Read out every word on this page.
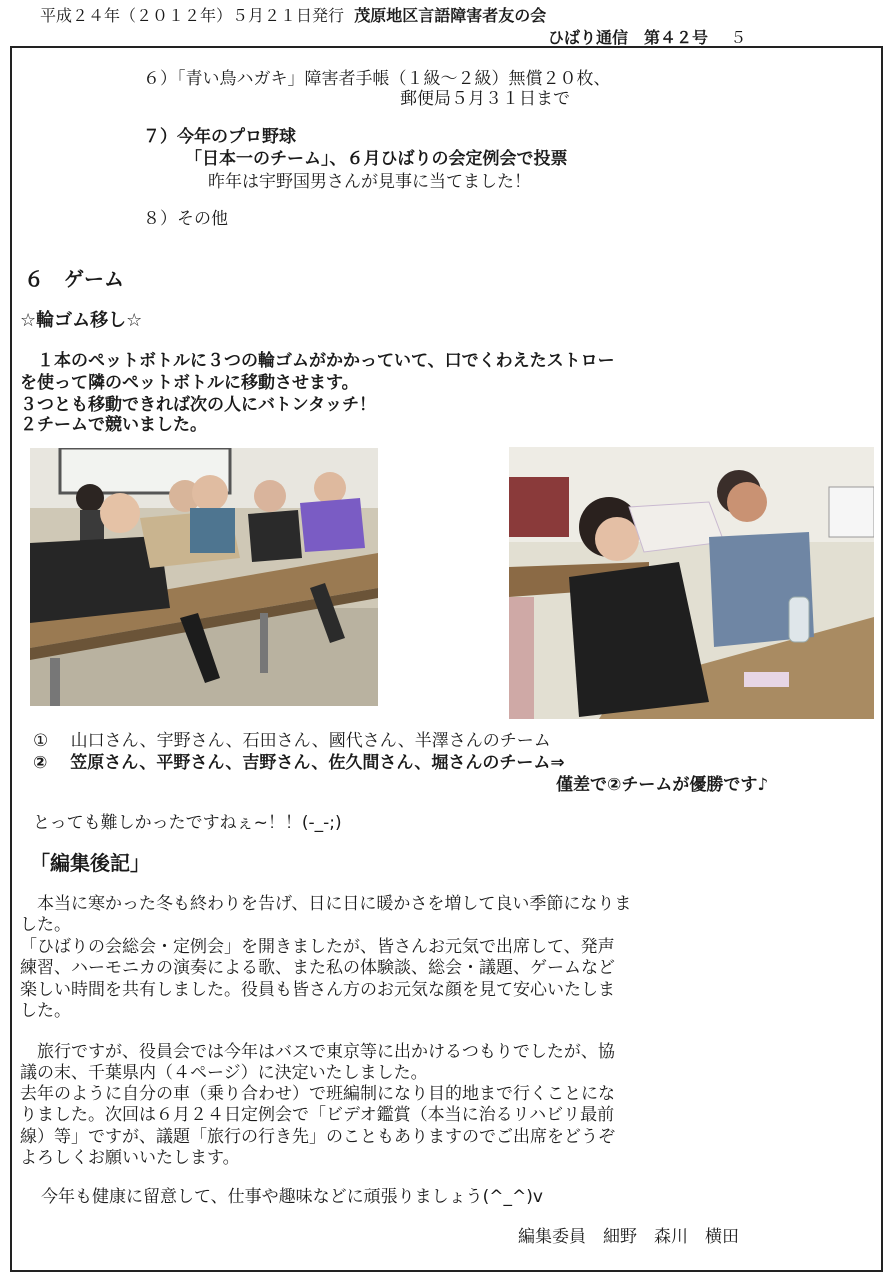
平成２４年（２０１２年）５月２１日発行 茂原地区言語障害者友の会
ひばり通信　第４２号 ５
６）「青い鳥ハガキ」障害者手帳（１級～２級）無償２０枚、
郵便局５月３１日まで
７）今年のプロ野球
「日本一のチーム」、６月ひばりの会定例会で投票
昨年は宇野国男さんが見事に当てました！
８）その他
６　ゲーム
☆輪ゴム移し☆
　１本のペットボトルに３つの輪ゴムがかかっていて、口でくわえたストロー
を使って隣のペットボトルに移動させます。
３つとも移動できれば次の人にバトンタッチ！
２チームで競いました。
①　 山口さん、宇野さん、石田さん、國代さん、半澤さんのチーム
②　 笠原さん、平野さん、吉野さん、佐久間さん、堀さんのチーム⇒
僅差で②チームが優勝です♪
とっても難しかったですねぇ~！！(-_-;)
「編集後記」
　本当に寒かった冬も終わりを告げ、日に日に暖かさを増して良い季節になりま
した。
「ひばりの会総会・定例会」を開きましたが、皆さんお元気で出席して、発声
練習、ハーモニカの演奏による歌、また私の体験談、総会・議題、ゲームなど
楽しい時間を共有しました。役員も皆さん方のお元気な顔を見て安心いたしま
した。
　旅行ですが、役員会では今年はバスで東京等に出かけるつもりでしたが、協
議の末、千葉県内（４ページ）に決定いたしました。
去年のように自分の車（乗り合わせ）で班編制になり目的地まで行くことにな
りました。次回は６月２４日定例会で「ビデオ鑑賞（本当に治るリハビリ最前
線）等」ですが、議題「旅行の行き先」のこともありますのでご出席をどうぞ
よろしくお願いいたします。
　今年も健康に留意して、仕事や趣味などに頑張りましょう(^_^)v
編集委員　細野　森川　横田
